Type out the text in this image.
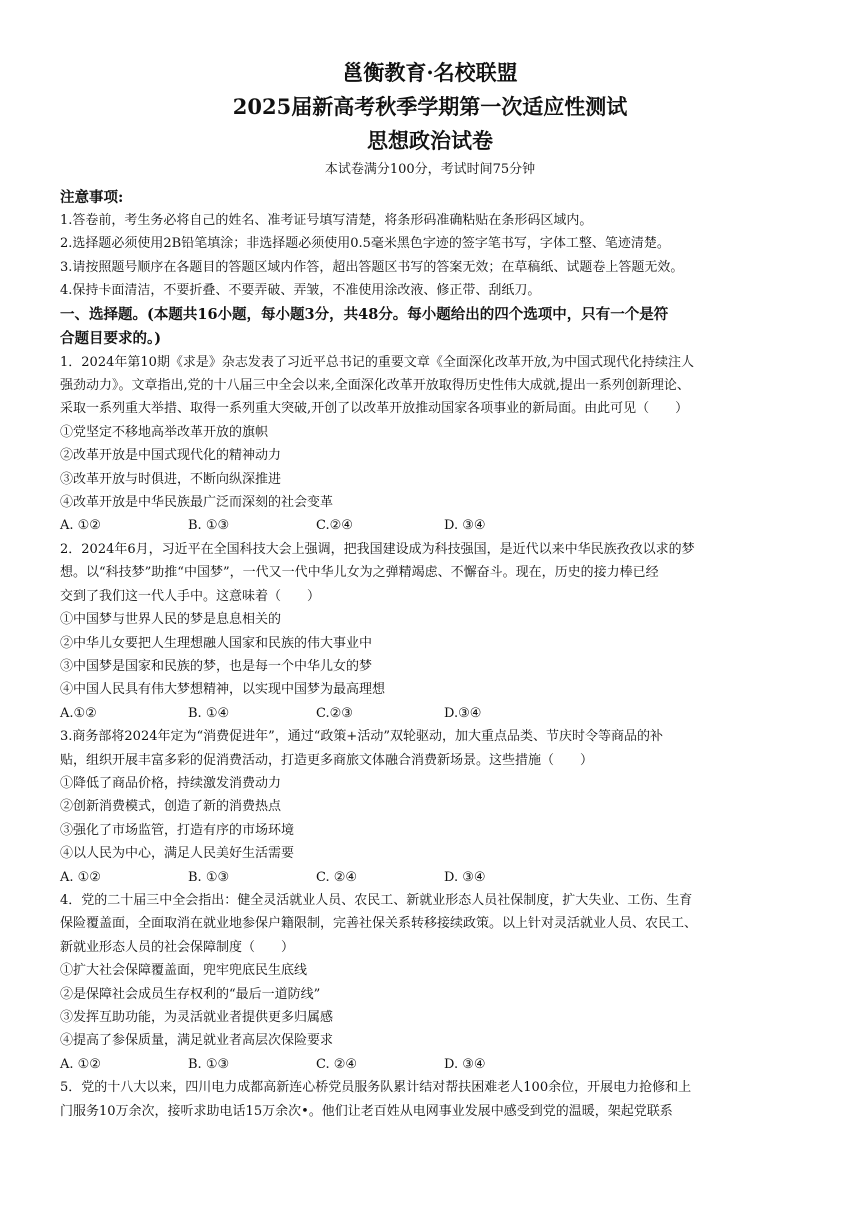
邕衡教育·名校联盟
2025届新高考秋季学期第一次适应性测试
思想政治试卷
本试卷满分100分，考试时间75分钟
注意事项:
1.答卷前，考生务必将自己的姓名、准考证号填写清楚，将条形码准确粘贴在条形码区域内。
2.选择题必须使用2B铅笔填涂；非选择题必须使用0.5毫米黑色字迹的签字笔书写，字体工整、笔迹清楚。
3.请按照题号顺序在各题目的答题区域内作答，超出答题区书写的答案无效；在草稿纸、试题卷上答题无效。
4.保持卡面清洁，不要折叠、不要弄破、弄皱，不准使用涂改液、修正带、刮纸刀。
一、选择题。(本题共16小题，每小题3分，共48分。每小题给出的四个选项中，只有一个是符
合题目要求的。)
1．2024年第10期《求是》杂志发表了习近平总书记的重要文章《全面深化改革开放,为中国式现代化持续注人
强劲动力》。文章指出,党的十八届三中全会以来,全面深化改革开放取得历史性伟大成就,提出一系列创新理论、
采取一系列重大举措、取得一系列重大突破,开创了以改革开放推动国家各项事业的新局面。由此可见（　　）
①党坚定不移地高举改革开放的旗帜
②改革开放是中国式现代化的精神动力
③改革开放与时俱进，不断向纵深推进
④改革开放是中华民族最广泛而深刻的社会变革
A. ①②	B. ①③	C.②④	D. ③④
2．2024年6月，习近平在全国科技大会上强调，把我国建设成为科技强国，是近代以来中华民族孜孜以求的梦
想。以“科技梦”助推“中国梦”，一代又一代中华儿女为之弹精竭虑、不懈奋斗。现在，历史的接力棒已经
交到了我们这一代人手中。这意味着（　　）
①中国梦与世界人民的梦是息息相关的
②中华儿女要把人生理想融人国家和民族的伟大事业中
③中国梦是国家和民族的梦，也是每一个中华儿女的梦
④中国人民具有伟大梦想精神，以实现中国梦为最高理想
A.①②	B. ①④	C.②③	D.③④
3.商务部将2024年定为“消费促进年”，通过“政策+活动”双轮驱动，加大重点品类、节庆时令等商品的补
贴，组织开展丰富多彩的促消费活动，打造更多商旅文体融合消费新场景。这些措施（　　）
①降低了商品价格，持续激发消费动力
②创新消费模式，创造了新的消费热点
③强化了市场监管，打造有序的市场环境
④以人民为中心，满足人民美好生活需要
A. ①②	B. ①③	C. ②④	D. ③④
4．党的二十届三中全会指出：健全灵活就业人员、农民工、新就业形态人员社保制度，扩大失业、工伤、生育
保险覆盖面，全面取消在就业地参保户籍限制，完善社保关系转移接续政策。以上针对灵活就业人员、农民工、
新就业形态人员的社会保障制度（　　）
①扩大社会保障覆盖面，兜牢兜底民生底线
②是保障社会成员生存权利的“最后一道防线”
③发挥互助功能，为灵活就业者提供更多归属感
④提高了参保质量，满足就业者高层次保险要求
A. ①②	B. ①③	C. ②④	D. ③④
5．党的十八大以来，四川电力成都高新连心桥党员服务队累计结对帮扶困难老人100余位，开展电力抢修和上
门服务10万余次，接听求助电话15万余次•。他们让老百姓从电网事业发展中感受到党的温暖，架起党联系
